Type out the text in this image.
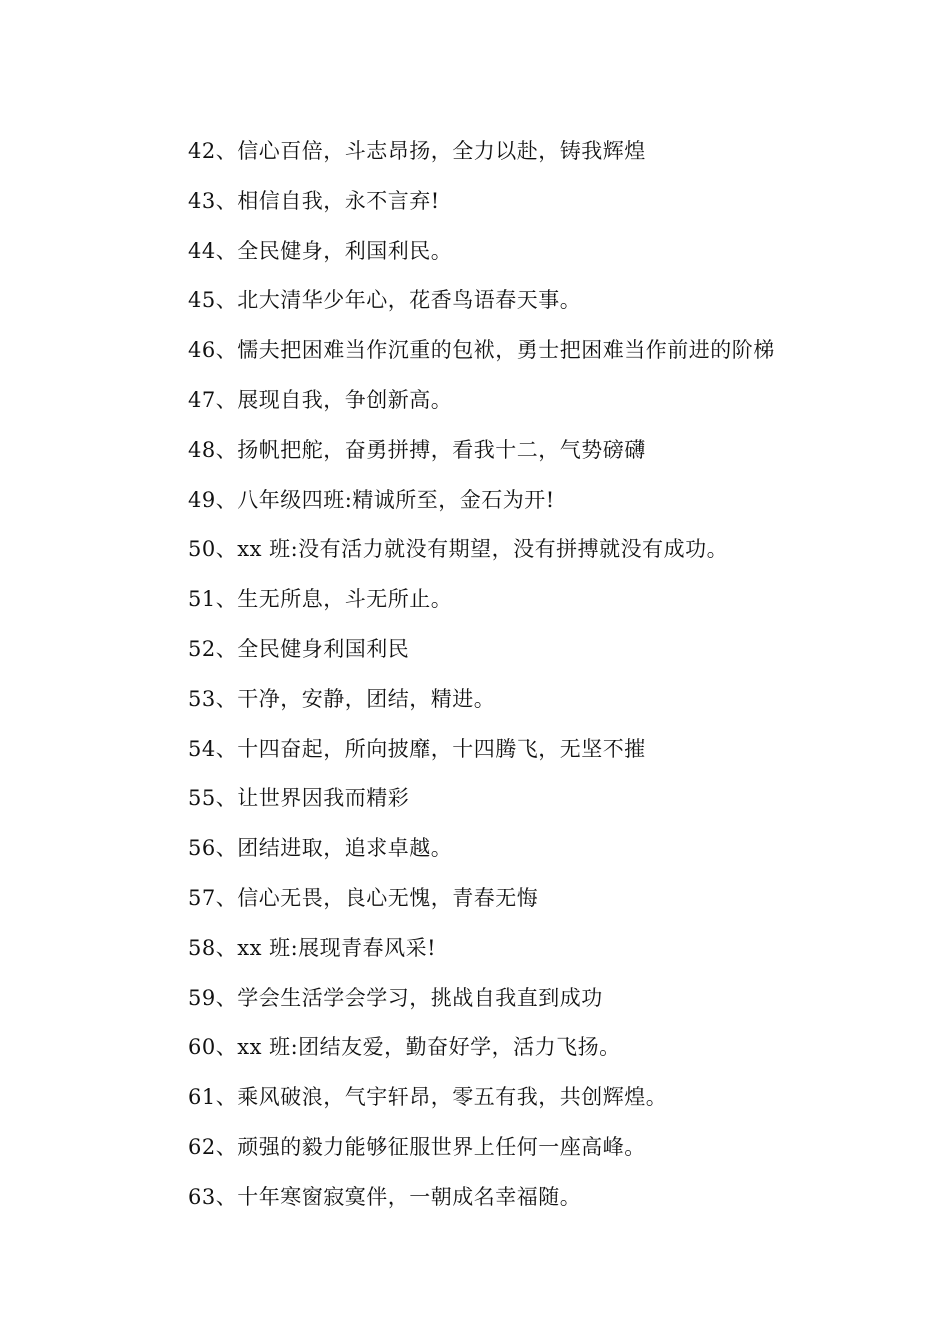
42、信心百倍，斗志昂扬，全力以赴，铸我辉煌
43、相信自我，永不言弃!
44、全民健身，利国利民。
45、北大清华少年心，花香鸟语春天事。
46、懦夫把困难当作沉重的包袱，勇士把困难当作前进的阶梯
47、展现自我，争创新高。
48、扬帆把舵，奋勇拼搏，看我十二，气势磅礴
49、八年级四班:精诚所至，金石为开!
50、xx 班:没有活力就没有期望，没有拼搏就没有成功。
51、生无所息，斗无所止。
52、全民健身利国利民
53、干净，安静，团结，精进。
54、十四奋起，所向披靡，十四腾飞，无坚不摧
55、让世界因我而精彩
56、团结进取，追求卓越。
57、信心无畏，良心无愧，青春无悔
58、xx 班:展现青春风采!
59、学会生活学会学习，挑战自我直到成功
60、xx 班:团结友爱，勤奋好学，活力飞扬。
61、乘风破浪，气宇轩昂，零五有我，共创辉煌。
62、顽强的毅力能够征服世界上任何一座高峰。
63、十年寒窗寂寞伴，一朝成名幸福随。
